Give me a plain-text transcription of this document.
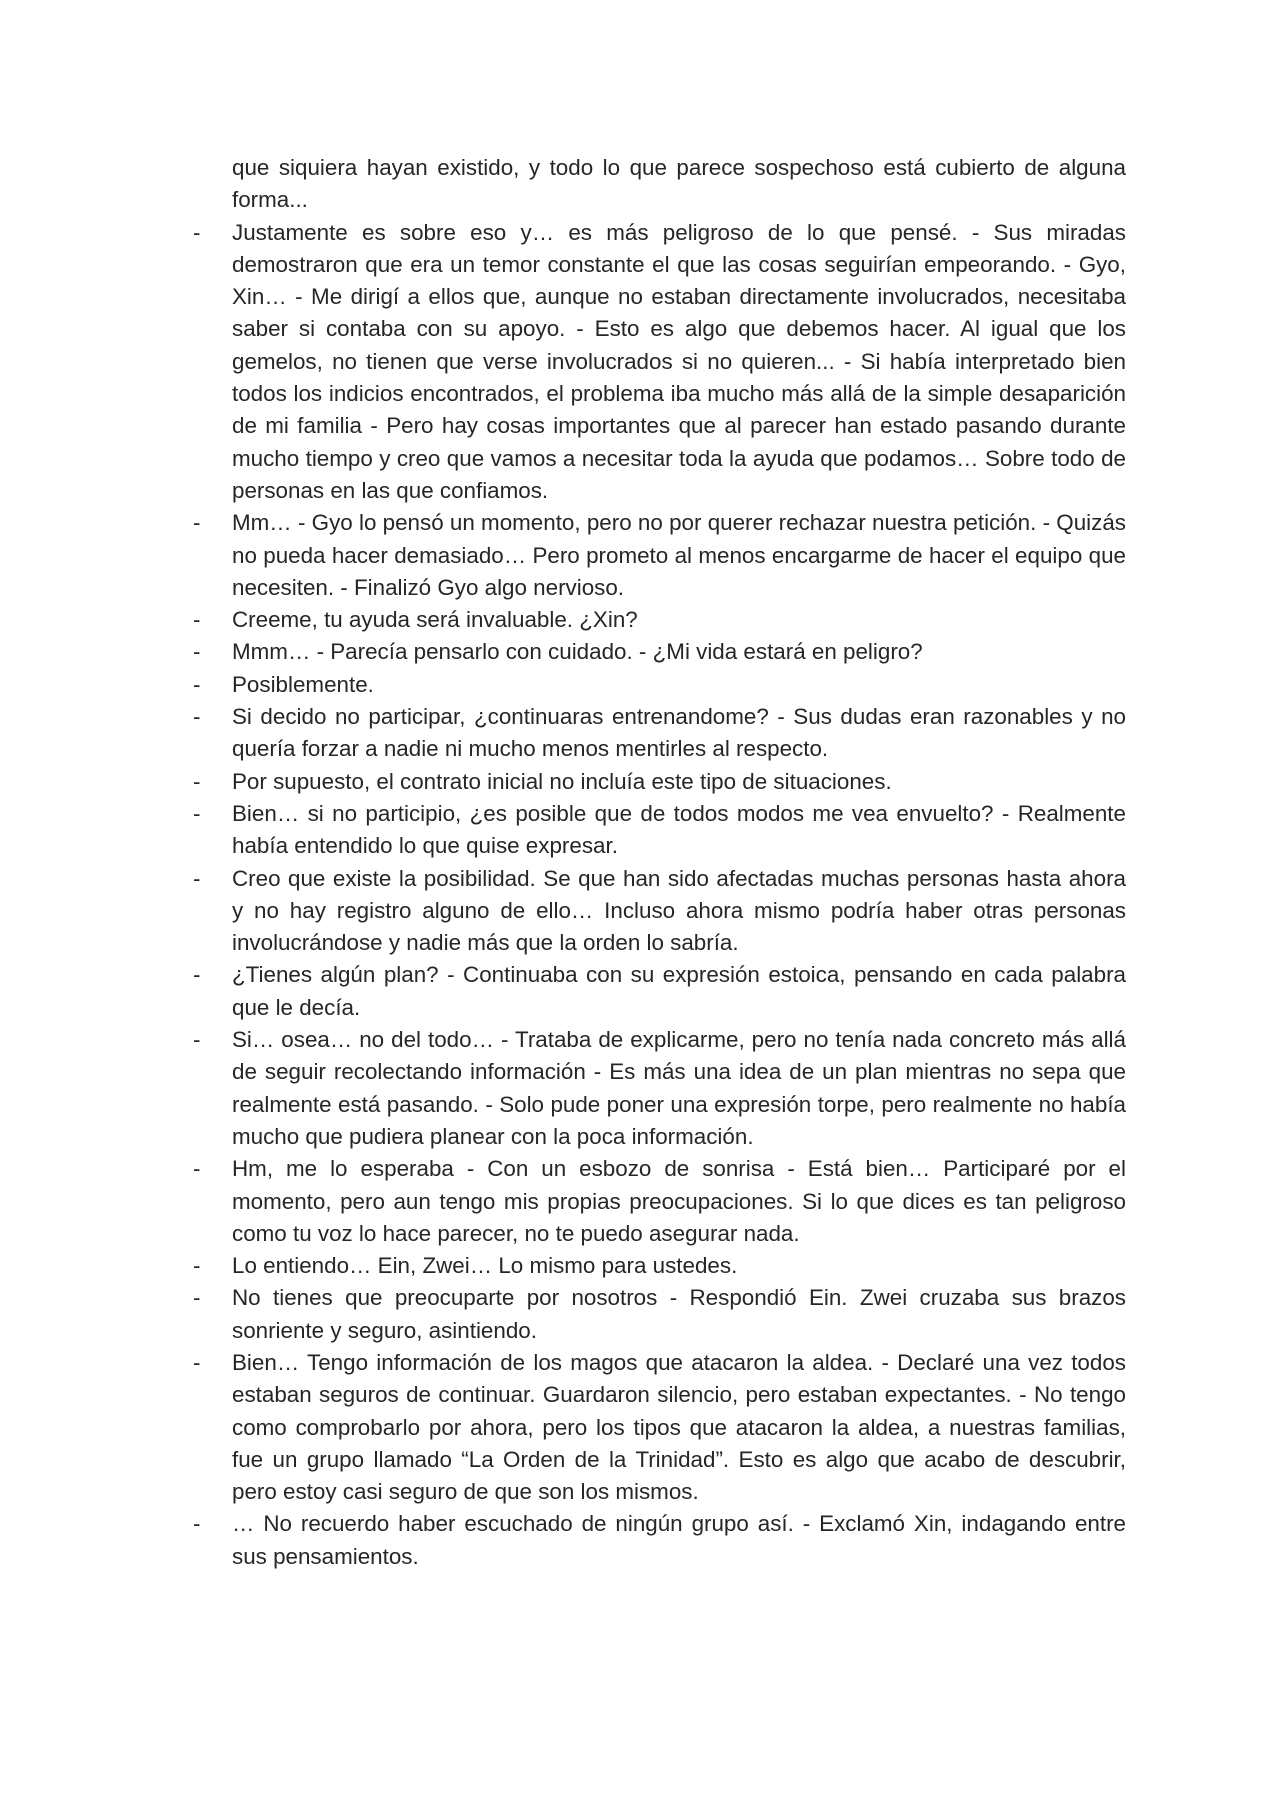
que siquiera hayan existido, y todo lo que parece sospechoso está cubierto de alguna forma...
-	Justamente es sobre eso y… es más peligroso de lo que pensé. - Sus miradas demostraron que era un temor constante el que las cosas seguirían empeorando. - Gyo, Xin… - Me dirigí a ellos que, aunque no estaban directamente involucrados, necesitaba saber si contaba con su apoyo. - Esto es algo que debemos hacer. Al igual que los gemelos, no tienen que verse involucrados si no quieren... - Si había interpretado bien todos los indicios encontrados, el problema iba mucho más allá de la simple desaparición de mi familia - Pero hay cosas importantes que al parecer han estado pasando durante mucho tiempo y creo que vamos a necesitar toda la ayuda que podamos… Sobre todo de personas en las que confiamos.
-	Mm… - Gyo lo pensó un momento, pero no por querer rechazar nuestra petición. - Quizás no pueda hacer demasiado… Pero prometo al menos encargarme de hacer el equipo que necesiten. - Finalizó Gyo algo nervioso.
-	Creeme, tu ayuda será invaluable. ¿Xin?
-	Mmm… - Parecía pensarlo con cuidado. - ¿Mi vida estará en peligro?
-	Posiblemente.
-	Si decido no participar, ¿continuaras entrenandome? - Sus dudas eran razonables y no quería forzar a nadie ni mucho menos mentirles al respecto.
-	Por supuesto, el contrato inicial no incluía este tipo de situaciones.
-	Bien… si no participio, ¿es posible que de todos modos me vea envuelto? - Realmente había entendido lo que quise expresar.
-	Creo que existe la posibilidad. Se que han sido afectadas muchas personas hasta ahora y no hay registro alguno de ello… Incluso ahora mismo podría haber otras personas involucrándose y nadie más que la orden lo sabría.
-	¿Tienes algún plan? - Continuaba con su expresión estoica, pensando en cada palabra que le decía.
-	Si… osea… no del todo… - Trataba de explicarme, pero no tenía nada concreto más allá de seguir recolectando información - Es más una idea de un plan mientras no sepa que realmente está pasando. - Solo pude poner una expresión torpe, pero realmente no había mucho que pudiera planear con la poca información.
-	Hm, me lo esperaba - Con un esbozo de sonrisa - Está bien… Participaré por el momento, pero aun tengo mis propias preocupaciones. Si lo que dices es tan peligroso como tu voz lo hace parecer, no te puedo asegurar nada.
-	Lo entiendo… Ein, Zwei… Lo mismo para ustedes.
-	No tienes que preocuparte por nosotros - Respondió Ein. Zwei cruzaba sus brazos sonriente y seguro, asintiendo.
-	Bien… Tengo información de los magos que atacaron la aldea. - Declaré una vez todos estaban seguros de continuar. Guardaron silencio, pero estaban expectantes. - No tengo como comprobarlo por ahora, pero los tipos que atacaron la aldea, a nuestras familias, fue un grupo llamado “La Orden de la Trinidad”. Esto es algo que acabo de descubrir, pero estoy casi seguro de que son los mismos.
-	… No recuerdo haber escuchado de ningún grupo así. - Exclamó Xin, indagando entre sus pensamientos.
